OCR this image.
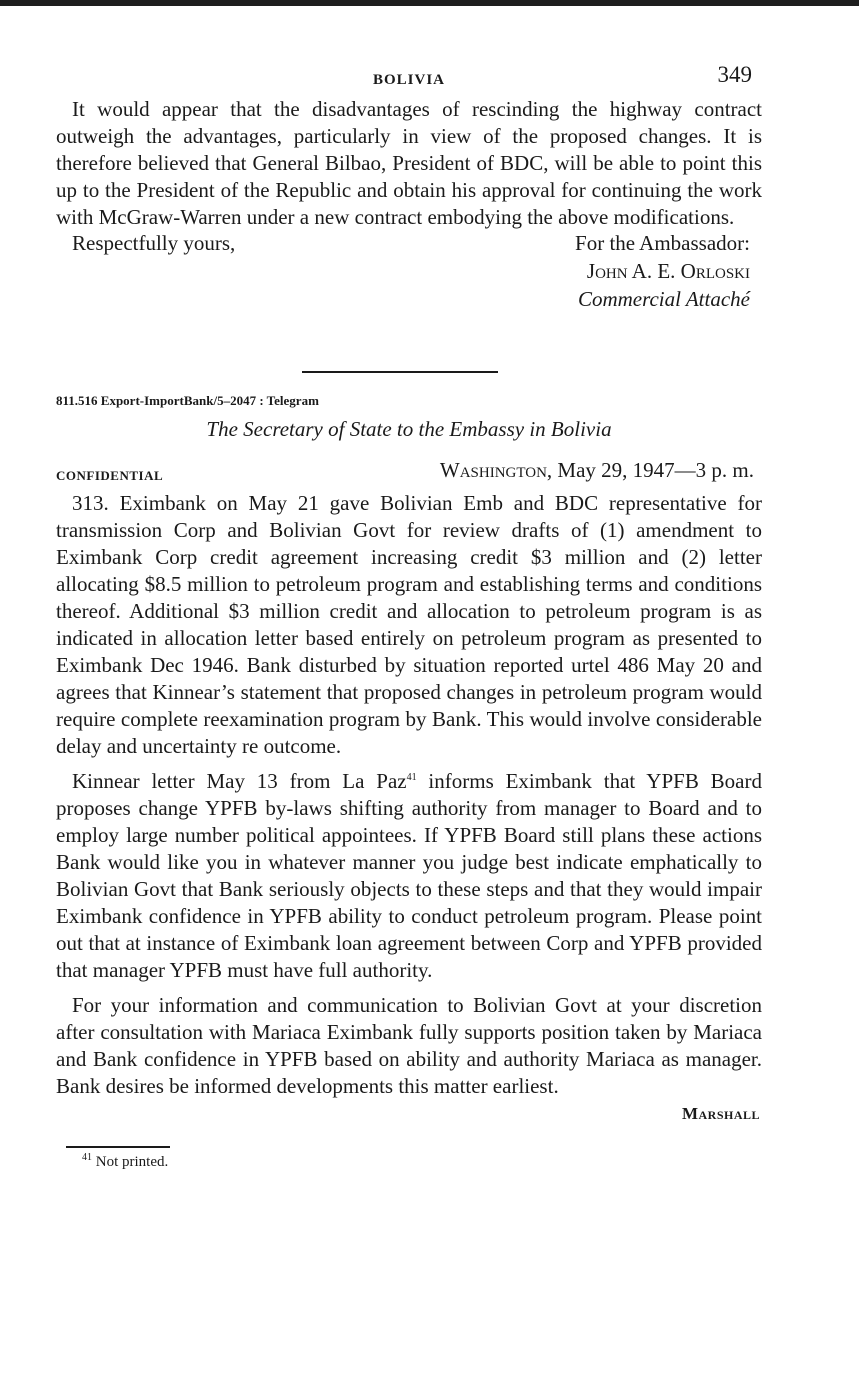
BOLIVIA	349

It would appear that the disadvantages of rescinding the highway contract outweigh the advantages, particularly in view of the proposed changes. It is therefore believed that General Bilbao, President of BDC, will be able to point this up to the President of the Republic and obtain his approval for continuing the work with McGraw-Warren under a new contract embodying the above modifications.

Respectfully yours,	For the Ambassador:
John A. E. Orloski
Commercial Attaché
811.516 Export-ImportBank/5–2047 : Telegram
The Secretary of State to the Embassy in Bolivia
CONFIDENTIAL	Washington, May 29, 1947—3 p. m.

313. Eximbank on May 21 gave Bolivian Emb and BDC representative for transmission Corp and Bolivian Govt for review drafts of (1) amendment to Eximbank Corp credit agreement increasing credit $3 million and (2) letter allocating $8.5 million to petroleum program and establishing terms and conditions thereof. Additional $3 million credit and allocation to petroleum program is as indicated in allocation letter based entirely on petroleum program as presented to Eximbank Dec 1946. Bank disturbed by situation reported urtel 486 May 20 and agrees that Kinnear’s statement that proposed changes in petroleum program would require complete reexamination program by Bank. This would involve considerable delay and uncertainty re outcome.

Kinnear letter May 13 from La Paz$^{41}$ informs Eximbank that YPFB Board proposes change YPFB by-laws shifting authority from manager to Board and to employ large number political appointees. If YPFB Board still plans these actions Bank would like you in whatever manner you judge best indicate emphatically to Bolivian Govt that Bank seriously objects to these steps and that they would impair Eximbank confidence in YPFB ability to conduct petroleum program. Please point out that at instance of Eximbank loan agreement between Corp and YPFB provided that manager YPFB must have full authority.

For your information and communication to Bolivian Govt at your discretion after consultation with Mariaca Eximbank fully supports position taken by Mariaca and Bank confidence in YPFB based on ability and authority Mariaca as manager. Bank desires be informed developments this matter earliest.

Marshall
$^{41}$ Not printed.
